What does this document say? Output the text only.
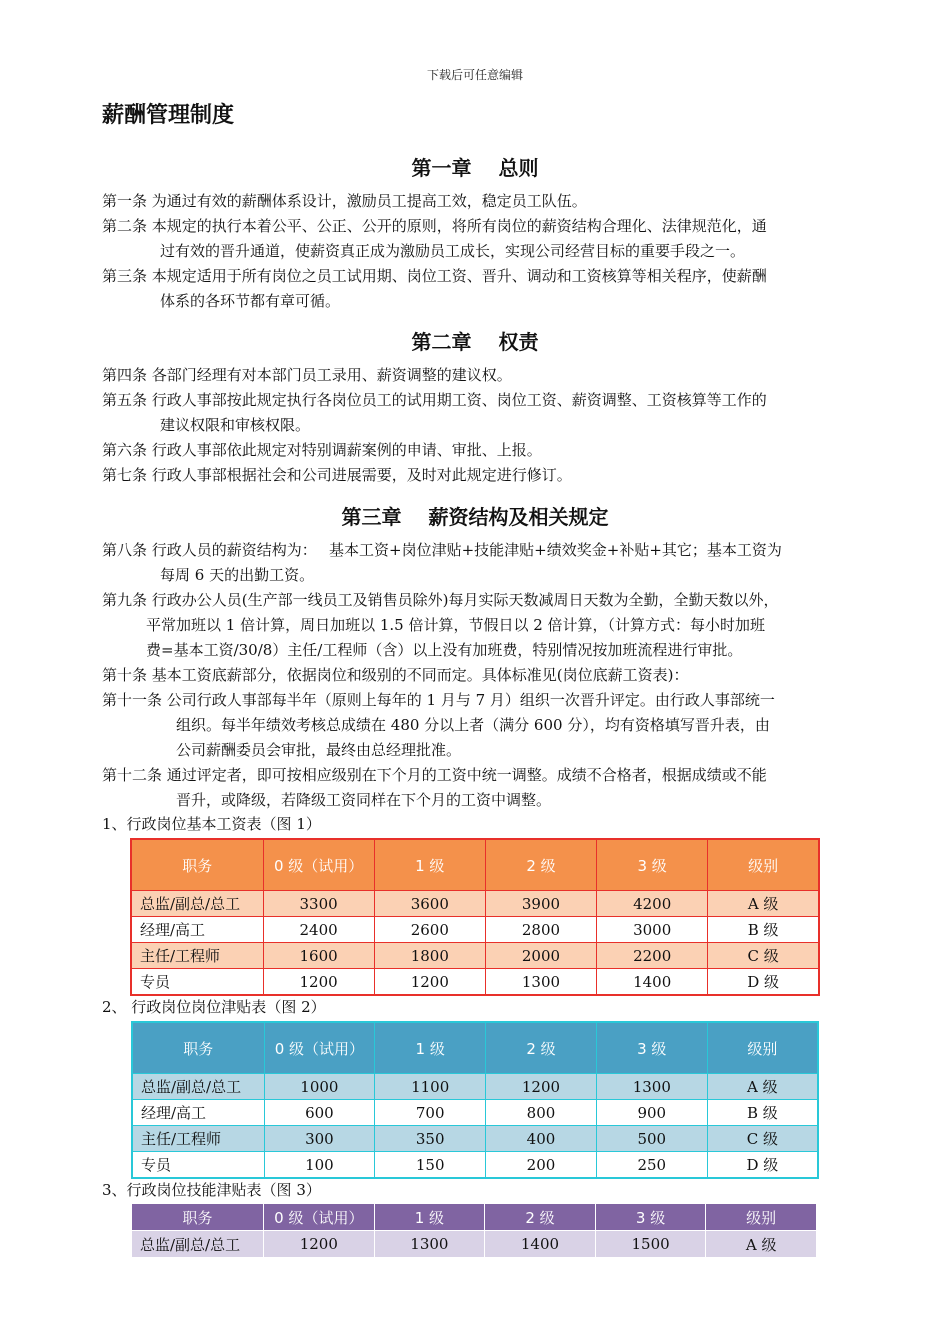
下载后可任意编辑
薪酬管理制度
第一章　 总则

第一条 为通过有效的薪酬体系设计，激励员工提高工效，稳定员工队伍。

第二条 本规定的执行本着公平、公正、公开的原则，将所有岗位的薪资结构合理化、法律规范化，通
过有效的晋升通道，使薪资真正成为激励员工成长，实现公司经营目标的重要手段之一。

第三条 本规定适用于所有岗位之员工试用期、岗位工资、晋升、调动和工资核算等相关程序，使薪酬
体系的各环节都有章可循。

第二章　 权责

第四条 各部门经理有对本部门员工录用、薪资调整的建议权。

第五条 行政人事部按此规定执行各岗位员工的试用期工资、岗位工资、薪资调整、工资核算等工作的
建议权限和审核权限。

第六条 行政人事部依此规定对特别调薪案例的申请、审批、上报。

第七条 行政人事部根据社会和公司进展需要，及时对此规定进行修订。

第三章　 薪资结构及相关规定

第八条 行政人员的薪资结构为：　 基本工资+岗位津贴+技能津贴+绩效奖金+补贴+其它；基本工资为
每周 6 天的出勤工资。

第九条 行政办公人员(生产部一线员工及销售员除外)每月实际天数减周日天数为全勤，全勤天数以外，
平常加班以 1 倍计算，周日加班以 1.5 倍计算，节假日以 2 倍计算，（计算方式：每小时加班
费=基本工资/30/8）主任/工程师（含）以上没有加班费，特别情况按加班流程进行审批。

第十条 基本工资底薪部分，依据岗位和级别的不同而定。具体标准见(岗位底薪工资表)：

第十一条 公司行政人事部每半年（原则上每年的 1 月与 7 月）组织一次晋升评定。由行政人事部统一
组织。每半年绩效考核总成绩在 480 分以上者（满分 600 分），均有资格填写晋升表，由
公司薪酬委员会审批，最终由总经理批准。

第十二条 通过评定者，即可按相应级别在下个月的工资中统一调整。成绩不合格者，根据成绩或不能
晋升，或降级，若降级工资同样在下个月的工资中调整。

1、行政岗位基本工资表（图 1）
职务	0 级（试用）	1 级	2 级	3 级	级别
总监/副总/总工	3300	3600	3900	4200	A 级
经理/高工	2400	2600	2800	3000	B 级
主任/工程师	1600	1800	2000	2200	C 级
专员	1200	1200	1300	1400	D 级
2、 行政岗位岗位津贴表（图 2）
职务	0 级（试用）	1 级	2 级	3 级	级别
总监/副总/总工	1000	1100	1200	1300	A 级
经理/高工	600	700	800	900	B 级
主任/工程师	300	350	400	500	C 级
专员	100	150	200	250	D 级
3、行政岗位技能津贴表（图 3）
职务	0 级（试用）	1 级	2 级	3 级	级别
总监/副总/总工	1200	1300	1400	1500	A 级
